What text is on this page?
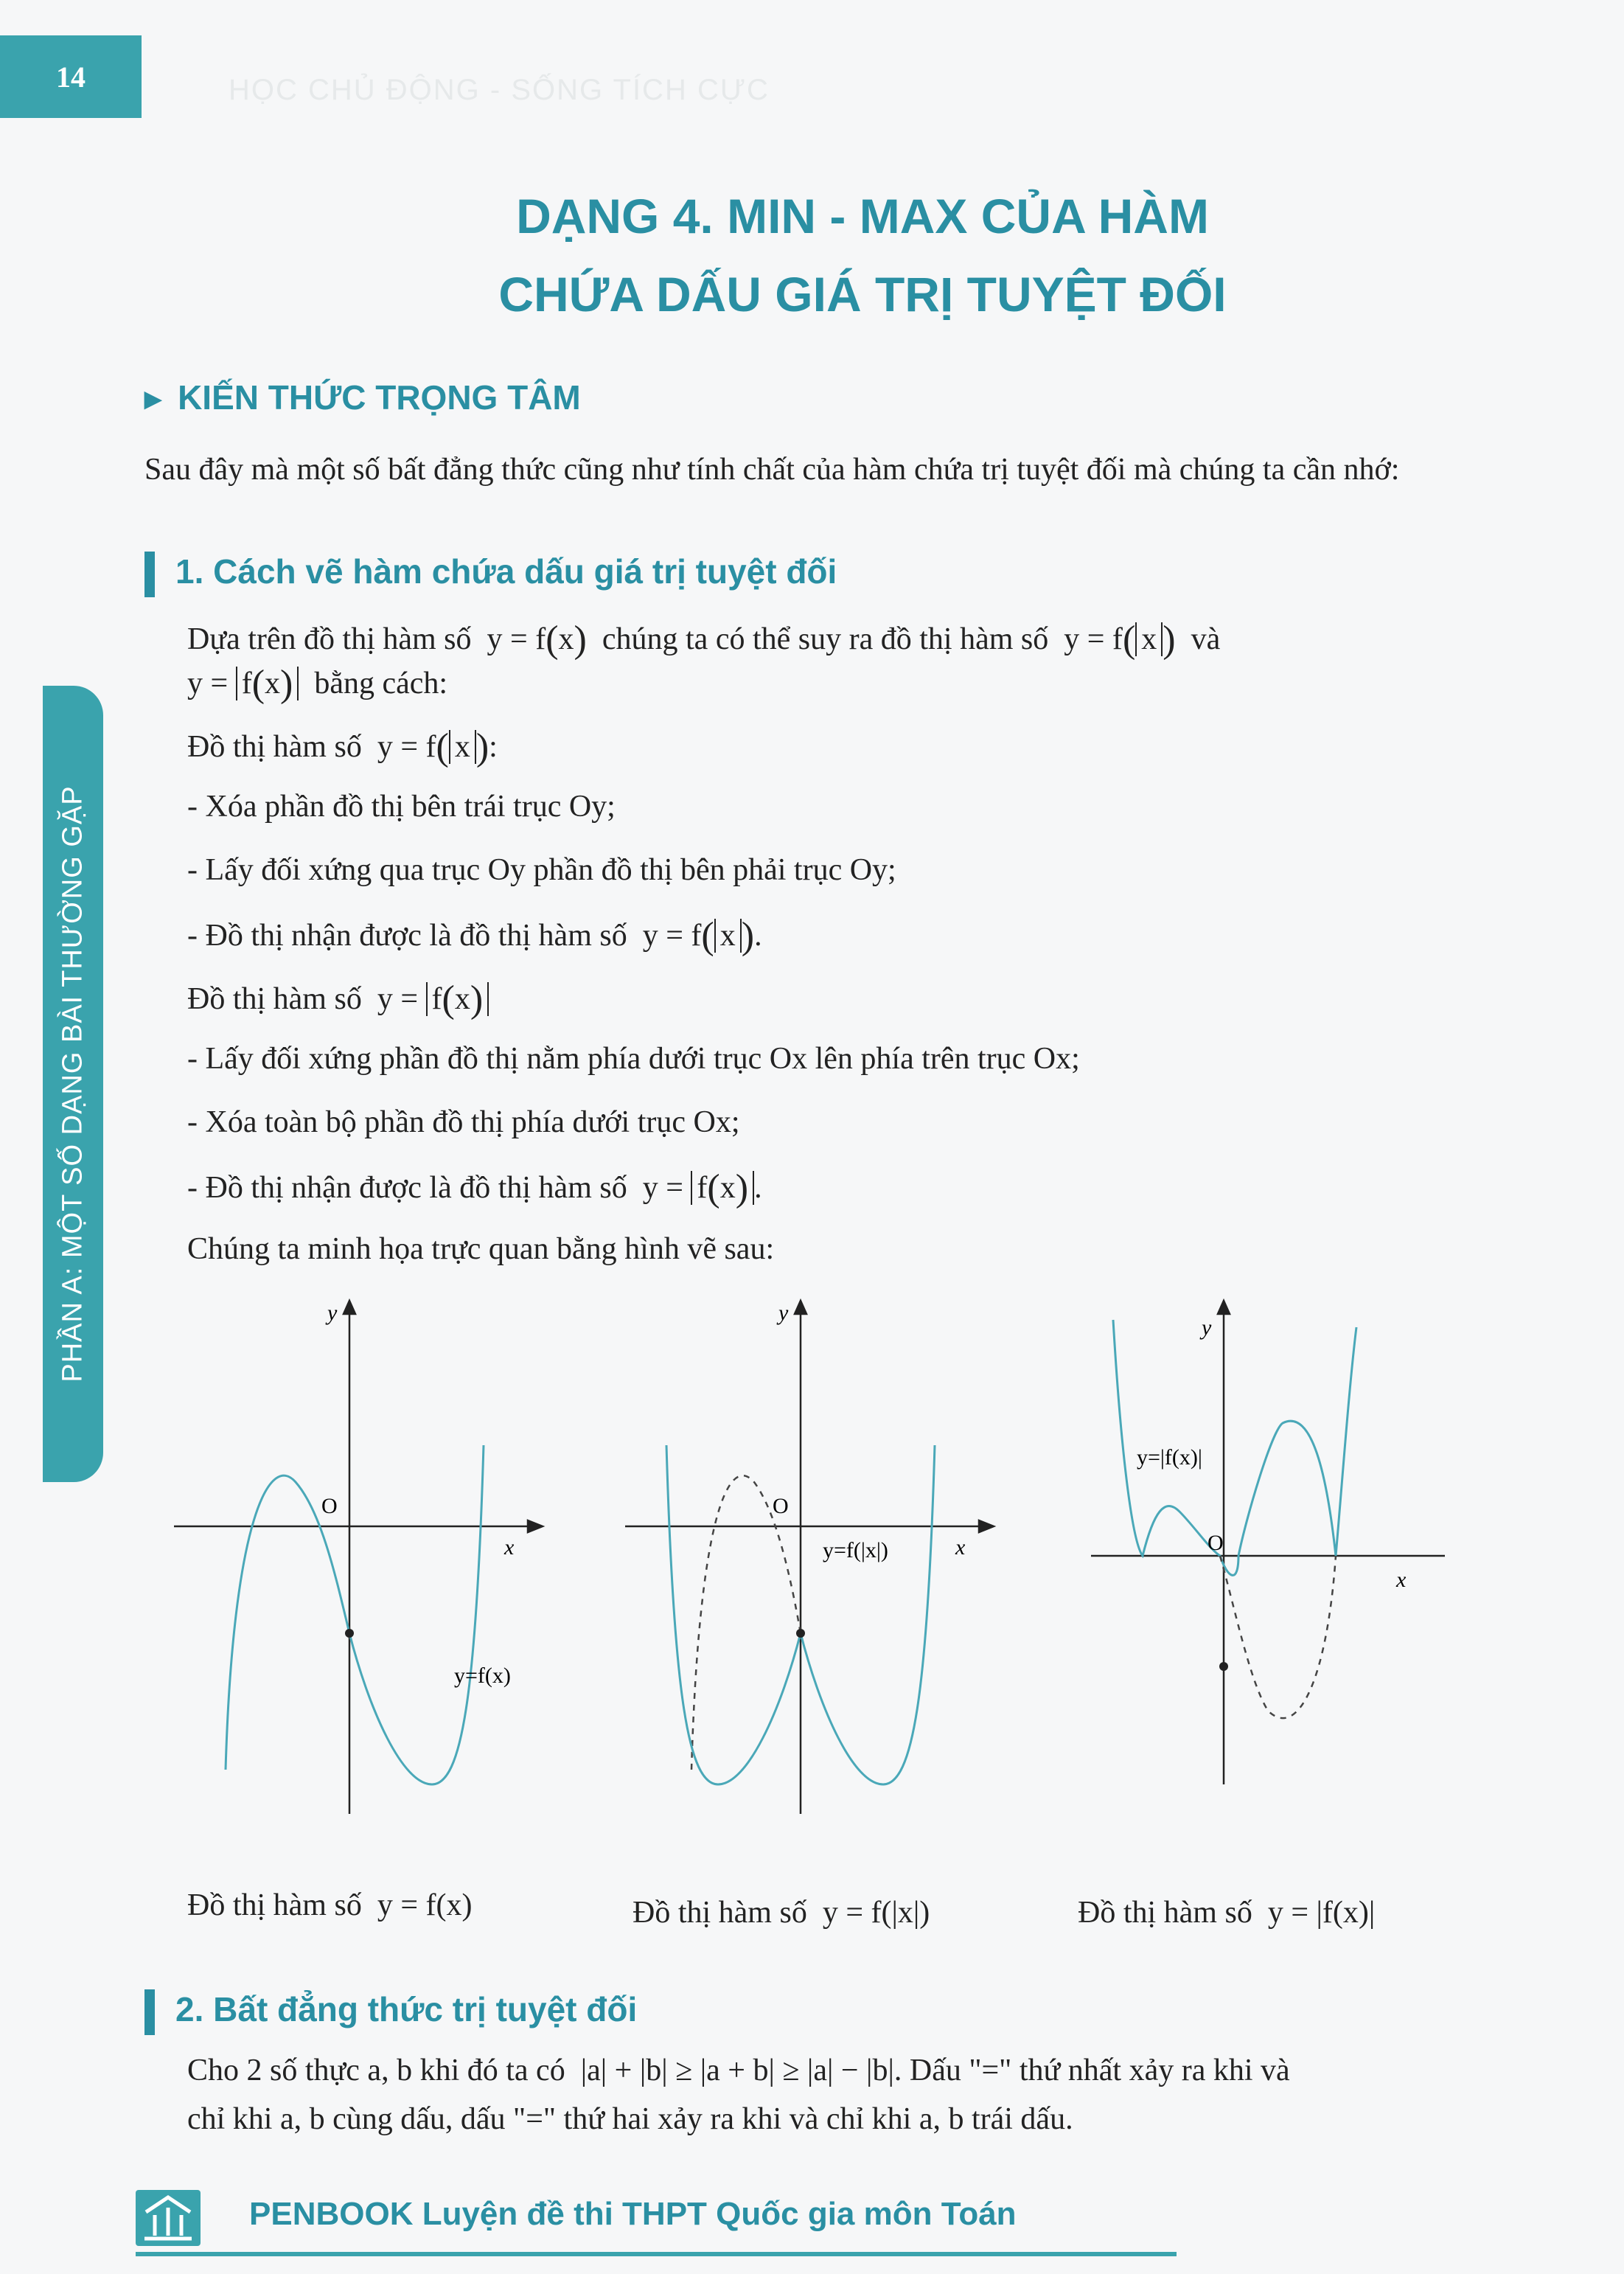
14	HỌC CHỦ ĐỘNG - SỐNG TÍCH CỰC
PHẦN A: MỘT SỐ DẠNG BÀI THƯỜNG GẶP
DẠNG 4. MIN - MAX CỦA HÀM
CHỨA DẤU GIÁ TRỊ TUYỆT ĐỐI
▶ KIẾN THỨC TRỌNG TÂM
Sau đây mà một số bất đẳng thức cũng như tính chất của hàm chứa trị tuyệt đối mà chúng ta cần nhớ:
1. Cách vẽ hàm chứa dấu giá trị tuyệt đối
Dựa trên đồ thị hàm số  y = f(x) chúng ta có thể suy ra đồ thị hàm số  y = f( x ) và
y = f(x) bằng cách:
Đồ thị hàm số  y = f( x ):
- Xóa phần đồ thị bên trái trục Oy;
- Lấy đối xứng qua trục Oy phần đồ thị bên phải trục Oy;
- Đồ thị nhận được là đồ thị hàm số  y = f( x ).
Đồ thị hàm số  y = f(x)
- Lấy đối xứng phần đồ thị nằm phía dưới trục Ox lên phía trên trục Ox;
- Xóa toàn bộ phần đồ thị phía dưới trục Ox;
- Đồ thị nhận được là đồ thị hàm số  y = f(x) .
Chúng ta minh họa trực quan bằng hình vẽ sau:
O
x
y
y=f(x)
O
x
y
y=f(|x|)	O
x
y
y=|f(x)|
Đồ thị hàm số y = f(x)	Đồ thị hàm số y = f(|x|)	Đồ thị hàm số y = |f(x)|
2. Bất đẳng thức trị tuyệt đối
Cho 2 số thực a, b khi đó ta có |a| + |b| ≥ |a + b| ≥ |a| − |b|. Dấu "=" thứ nhất xảy ra khi và
chỉ khi a, b cùng dấu, dấu "=" thứ hai xảy ra khi và chỉ khi a, b trái dấu.
PENBOOK Luyện đề thi THPT Quốc gia môn Toán
